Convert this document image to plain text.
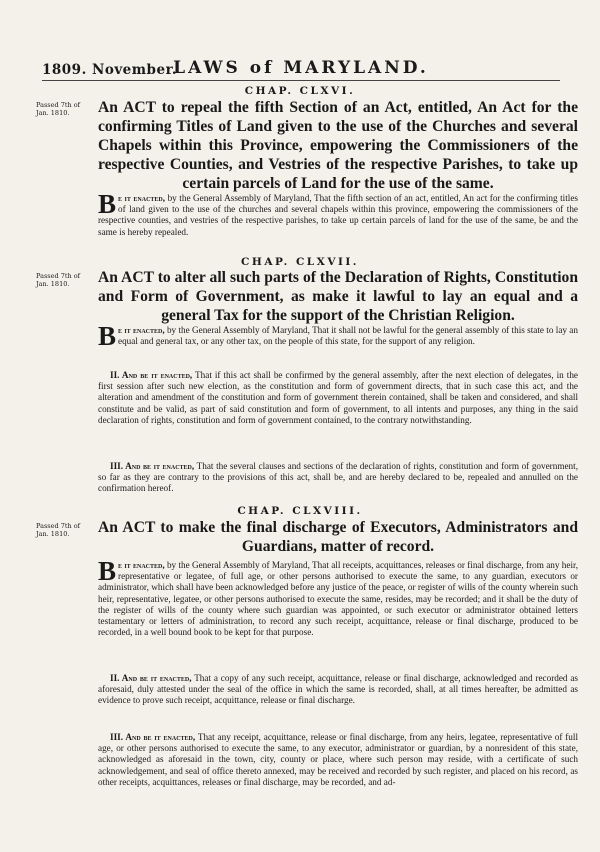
1809. November.
LAWS of MARYLAND.
CHAP. CLXVI.
Passed 7th of Jan. 1810.	An ACT to repeal the fifth Section of an Act, entitled, An Act for the confirming Titles of Land given to the use of the Churches and several Chapels within this Province, empowering the Commissioners of the respective Counties, and Vestries of the respective Parishes, to take up certain parcels of Land for the use of the same.
Be it enacted, by the General Assembly of Maryland, That the fifth section of an act, entitled, An act for the confirming titles of land given to the use of the churches and several chapels within this province, empowering the commissioners of the respective counties, and vestries of the respective parishes, to take up certain parcels of land for the use of the same, be and the same is hereby repealed.
CHAP. CLXVII.
Passed 7th of Jan. 1810.	An ACT to alter all such parts of the Declaration of Rights, Constitution and Form of Government, as make it lawful to lay an equal and a general Tax for the support of the Christian Religion.
Be it enacted, by the General Assembly of Maryland, That it shall not be lawful for the general assembly of this state to lay an equal and general tax, or any other tax, on the people of this state, for the support of any religion.
II. And be it enacted, That if this act shall be confirmed by the general assembly, after the next election of delegates, in the first session after such new election, as the constitution and form of government directs, that in such case this act, and the alteration and amendment of the constitution and form of government therein contained, shall be taken and considered, and shall constitute and be valid, as part of said constitution and form of government, to all intents and purposes, any thing in the said declaration of rights, constitution and form of government contained, to the contrary notwithstanding.
III. And be it enacted, That the several clauses and sections of the declaration of rights, constitution and form of government, so far as they are contrary to the provisions of this act, shall be, and are hereby declared to be, repealed and annulled on the confirmation hereof.
CHAP. CLXVIII.
Passed 7th of Jan. 1810.	An ACT to make the final discharge of Executors, Administrators and Guardians, matter of record.
Be it enacted, by the General Assembly of Maryland, That all receipts, acquittances, releases or final discharge, from any heir, representative or legatee, of full age, or other persons authorised to execute the same, to any guardian, executors or administrator, which shall have been acknowledged before any justice of the peace, or register of wills of the county wherein such heir, representative, legatee, or other persons authorised to execute the same, resides, may be recorded; and it shall be the duty of the register of wills of the county where such guardian was appointed, or such executor or administrator obtained letters testamentary or letters of administration, to record any such receipt, acquittance, release or final discharge, produced to be recorded, in a well bound book to be kept for that purpose.
II. And be it enacted, That a copy of any such receipt, acquittance, release or final discharge, acknowledged and recorded as aforesaid, duly attested under the seal of the office in which the same is recorded, shall, at all times hereafter, be admitted as evidence to prove such receipt, acquittance, release or final discharge.
III. And be it enacted, That any receipt, acquittance, release or final discharge, from any heirs, legatee, representative of full age, or other persons authorised to execute the same, to any executor, administrator or guardian, by a nonresident of this state, acknowledged as aforesaid in the town, city, county or place, where such person may reside, with a certificate of such acknowledgement, and seal of office thereto annexed, may be received and recorded by such register, and placed on his record, as other receipts, acquittances, releases or final discharge, may be recorded, and ad-
